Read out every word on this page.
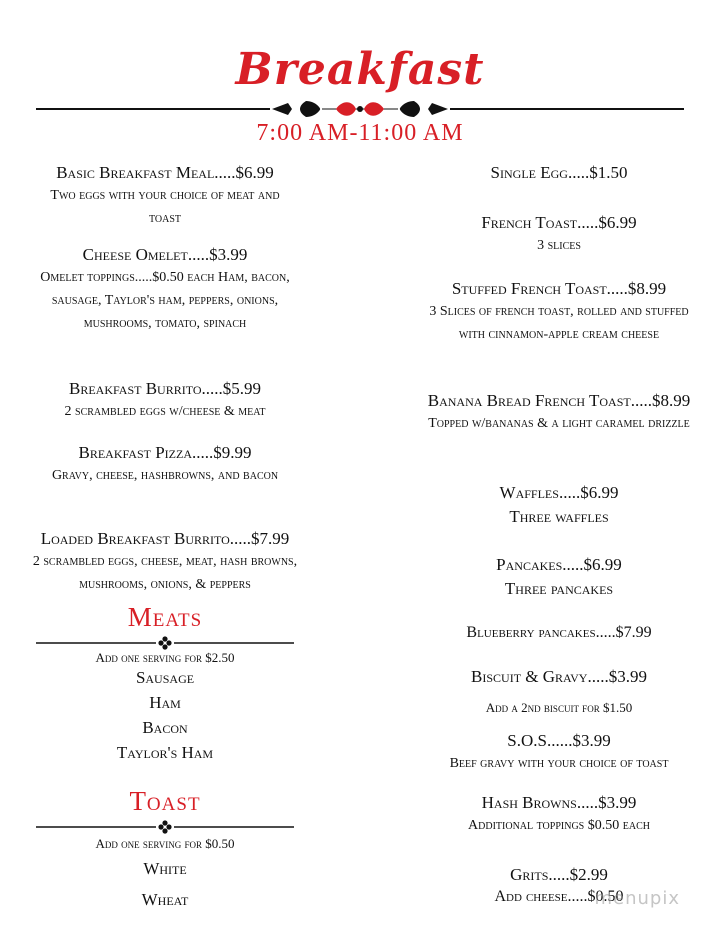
Breakfast
7:00 AM-11:00 AM
Basic Breakfast Meal.....$6.99
Two eggs with your choice of meat and toast
Cheese Omelet.....$3.99
Omelet toppings.....$0.50 each Ham, bacon, sausage, Taylor's ham, peppers, onions, mushrooms, tomato, spinach
Breakfast Burrito.....$5.99
2 scrambled eggs w/cheese & meat
Breakfast Pizza.....$9.99
Gravy, cheese, hashbrowns, and bacon
Loaded Breakfast Burrito.....$7.99
2 scrambled eggs, cheese, meat, hash browns, mushrooms, onions, & peppers
Meats
Add one serving for $2.50
Sausage
Ham
Bacon
Taylor's Ham
Toast
Add one serving for $0.50
White
Wheat
Single Egg.....$1.50
French Toast.....$6.99
3 slices
Stuffed French Toast.....$8.99
3 Slices of french toast, rolled and stuffed with cinnamon-apple cream cheese
Banana Bread French Toast.....$8.99
Topped w/bananas & a light caramel drizzle
Waffles.....$6.99
Three waffles
Pancakes.....$6.99
Three pancakes
Blueberry pancakes.....$7.99
Biscuit & Gravy.....$3.99
Add a 2nd biscuit for $1.50
S.O.S......$3.99
Beef gravy with your choice of toast
Hash Browns.....$3.99
Additional toppings $0.50 each
Grits.....$2.99
Add cheese.....$0.50
menupix
